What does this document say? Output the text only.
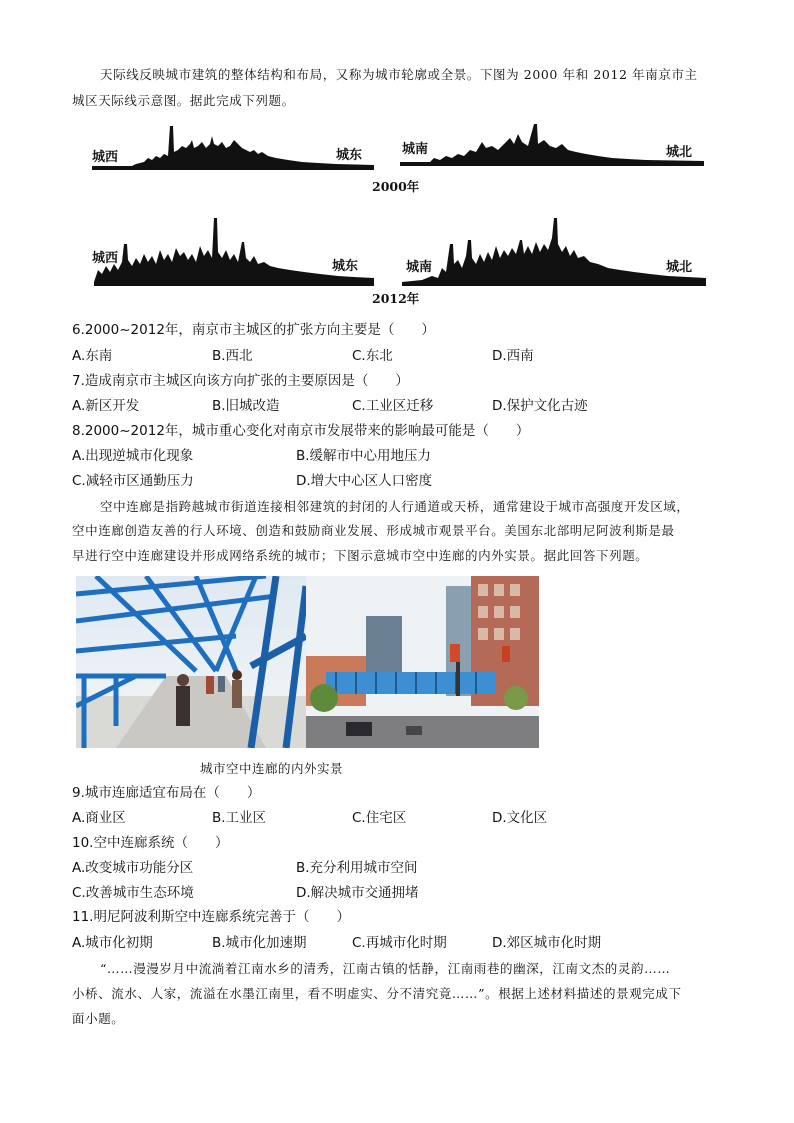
天际线反映城市建筑的整体结构和布局，又称为城市轮廓或全景。下图为 2000 年和 2012 年南京市主
城区天际线示意图。据此完成下列题。
城西	城东	城南	城北
2000年
城西
城东	城南	城北
2012年
6.2000~2012年，南京市主城区的扩张方向主要是（　　）
A.东南	B.西北	C.东北	D.西南
7.造成南京市主城区向该方向扩张的主要原因是（　　）
A.新区开发	B.旧城改造	C.工业区迁移	D.保护文化古迹
8.2000~2012年，城市重心变化对南京市发展带来的影响最可能是（　　）
A.出现逆城市化现象	B.缓解市中心用地压力
C.减轻市区通勤压力	D.增大中心区人口密度
空中连廊是指跨越城市街道连接相邻建筑的封闭的人行通道或天桥，通常建设于城市高强度开发区域，
空中连廊创造友善的行人环境、创造和鼓励商业发展、形成城市观景平台。美国东北部明尼阿波利斯是最
早进行空中连廊建设并形成网络系统的城市；下图示意城市空中连廊的内外实景。据此回答下列题。
城市空中连廊的内外实景
9.城市连廊适宜布局在（　　）
A.商业区	B.工业区	C.住宅区	D.文化区
10.空中连廊系统（　　）
A.改变城市功能分区	B.充分利用城市空间
C.改善城市生态环境	D.解决城市交通拥堵
11.明尼阿波利斯空中连廊系统完善于（　　）
A.城市化初期	B.城市化加速期	C.再城市化时期	D.郊区城市化时期
“……漫漫岁月中流淌着江南水乡的清秀，江南古镇的恬静，江南雨巷的幽深，江南文杰的灵韵……
小桥、流水、人家，流溢在水墨江南里，看不明虚实、分不清究竟……”。根据上述材料描述的景观完成下
面小题。
